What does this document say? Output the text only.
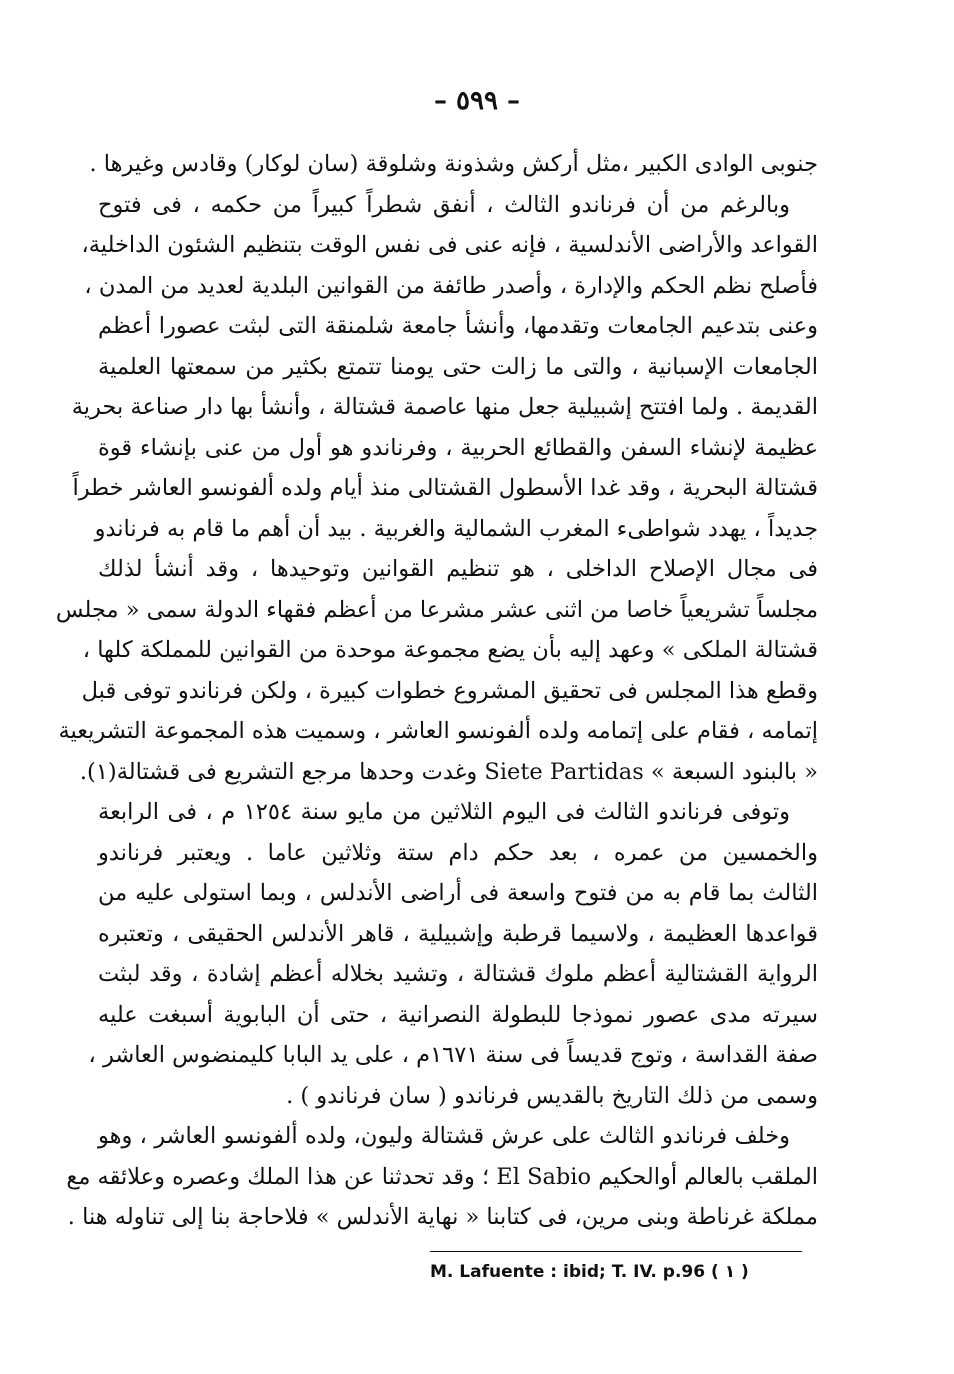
– ٥٩٩ –
جنوبى الوادى الكبير ،مثل أركش وشذونة وشلوقة (سان لوكار) وقادس وغيرها .
وبالرغم من أن فرناندو الثالث ، أنفق شطراً كبيراً من حكمه ، فى فتوح
القواعد والأراضى الأندلسية ، فإنه عنى فى نفس الوقت بتنظيم الشئون الداخلية،
فأصلح نظم الحكم والإدارة ، وأصدر طائفة من القوانين البلدية لعديد من المدن ،
وعنى بتدعيم الجامعات وتقدمها، وأنشأ جامعة شلمنقة التى لبثت عصورا أعظم
الجامعات الإسبانية ، والتى ما زالت حتى يومنا تتمتع بكثير من سمعتها العلمية
القديمة . ولما افتتح إشبيلية جعل منها عاصمة قشتالة ، وأنشأ بها دار صناعة بحرية
عظيمة لإنشاء السفن والقطائع الحربية ، وفرناندو هو أول من عنى بإنشاء قوة
قشتالة البحرية ، وقد غدا الأسطول القشتالى منذ أيام ولده ألفونسو العاشر خطراً
جديداً ، يهدد شواطىء المغرب الشمالية والغربية . بيد أن أهم ما قام به فرناندو
فى مجال الإصلاح الداخلى ، هو تنظيم القوانين وتوحيدها ، وقد أنشأ لذلك
مجلساً تشريعياً خاصا من اثنى عشر مشرعا من أعظم فقهاء الدولة سمى « مجلس
قشتالة الملكى » وعهد إليه بأن يضع مجموعة موحدة من القوانين للمملكة كلها ،
وقطع هذا المجلس فى تحقيق المشروع خطوات كبيرة ، ولكن فرناندو توفى قبل
إتمامه ، فقام على إتمامه ولده ألفونسو العاشر ، وسميت هذه المجموعة التشريعية
« بالبنود السبعة » Siete Partidas وغدت وحدها مرجع التشريع فى قشتالة(١).
وتوفى فرناندو الثالث فى اليوم الثلاثين من مايو سنة ١٢٥٤ م ، فى الرابعة
والخمسين من عمره ، بعد حكم دام ستة وثلاثين عاما . ويعتبر فرناندو
الثالث بما قام به من فتوح واسعة فى أراضى الأندلس ، وبما استولى عليه من
قواعدها العظيمة ، ولاسيما قرطبة وإشبيلية ، قاهر الأندلس الحقيقى ، وتعتبره
الرواية القشتالية أعظم ملوك قشتالة ، وتشيد بخلاله أعظم إشادة ، وقد لبثت
سيرته مدى عصور نموذجا للبطولة النصرانية ، حتى أن البابوية أسبغت عليه
صفة القداسة ، وتوج قديساً فى سنة ١٦٧١م ، على يد البابا كليمنضوس العاشر ،
وسمى من ذلك التاريخ بالقديس فرناندو ( سان فرناندو ) .
وخلف فرناندو الثالث على عرش قشتالة وليون، ولده ألفونسو العاشر ، وهو
الملقب بالعالم أوالحكيم El Sabio ؛ وقد تحدثنا عن هذا الملك وعصره وعلائقه مع
مملكة غرناطة وبنى مرين، فى كتابنا « نهاية الأندلس » فلاحاجة بنا إلى تناوله هنا .
M. Lafuente : ibid; T. IV. p.96 ( ١ )
